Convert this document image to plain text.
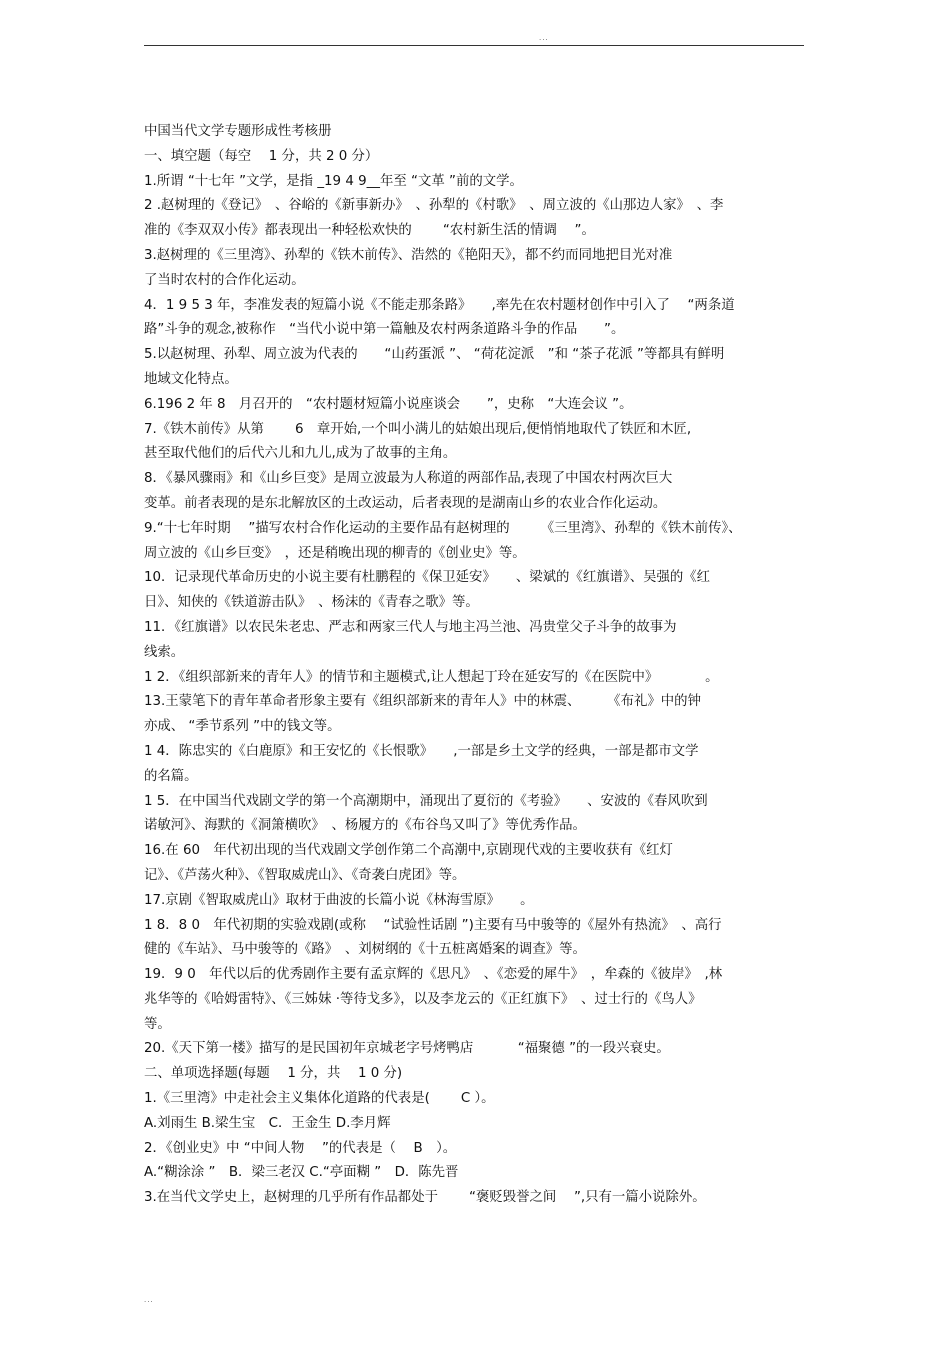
...

中国当代文学专题形成性考核册

一、填空题（每空　 1 分，共 2 0 分）

1.所谓 “十七年 ”文学，是指 _19 4 9__年至 “文革 ”前的文学。

2 .赵树理的《登记》　、谷峪的《新事新办》　、孙犁的《村歌》　、周立波的《山那边人家》　、李

准的《李双双小传》都表现出一种轻松欢快的　　 “农村新生活的情调　 ”。

3.赵树理的《三里湾》、孙犁的《铁木前传》、浩然的《艳阳天》，都不约而同地把目光对准

了当时农村的合作化运动。

4．1 9 5 3 年，李准发表的短篇小说《不能走那条路》　　,率先在农村题材创作中引入了　 “两条道

路”斗争的观念,被称作　“当代小说中第一篇触及农村两条道路斗争的作品　　”。

5.以赵树理、孙犁、周立波为代表的　　“山药蛋派 ”、 “荷花淀派　”和 “茶子花派 ”等都具有鲜明

地域文化特点。

6.196 2 年 8　月召开的　“农村题材短篇小说座谈会　　”，史称　“大连会议 ”。

7.《铁木前传》从第　　 6　章开始,一个叫小满儿的姑娘出现后,便悄悄地取代了铁匠和木匠,

甚至取代他们的后代六儿和九儿,成为了故事的主角。

8．《暴风骤雨》和《山乡巨变》是周立波最为人称道的两部作品,表现了中国农村两次巨大

变革。前者表现的是东北解放区的土改运动，后者表现的是湖南山乡的农业合作化运动。

9.“十七年时期　 ”描写农村合作化运动的主要作品有赵树理的　　 《三里湾》、孙犁的《铁木前传》、

周立波的《山乡巨变》　，还是稍晚出现的柳青的《创业史》等。

10．记录现代革命历史的小说主要有杜鹏程的《保卫延安》　　、梁斌的《红旗谱》、吴强的《红

日》、知侠的《铁道游击队》　、杨沫的《青春之歌》等。

11．《红旗谱》以农民朱老忠、严志和两家三代人与地主冯兰池、冯贵堂父子斗争的故事为

线索。

1 2．《组织部新来的青年人》的情节和主题模式,让人想起丁玲在延安写的《在医院中》　　　　。

13.王蒙笔下的青年革命者形象主要有《组织部新来的青年人》中的林震、　　　《布礼》中的钟

亦成、 “季节系列 ”中的钱文等。

1 4．陈忠实的《白鹿原》和王安忆的《长恨歌》　　,一部是乡土文学的经典，一部是都市文学

的名篇。

1 5．在中国当代戏剧文学的第一个高潮期中，涌现出了夏衍的《考验》　　、安波的《春风吹到

诺敏河》、海默的《洞箫横吹》　、杨履方的《布谷鸟又叫了》等优秀作品。

16.在 60　年代初出现的当代戏剧文学创作第二个高潮中,京剧现代戏的主要收获有《红灯

记》、《芦荡火种》、《智取威虎山》、《奇袭白虎团》等。

17.京剧《智取威虎山》取材于曲波的长篇小说《林海雪原》　　。

1 8．8 0　年代初期的实验戏剧(或称　 “试验性话剧 ”)主要有马中骏等的《屋外有热流》　、高行

健的《车站》、马中骏等的《路》　、刘树纲的《十五桩离婚案的调查》等。

19．9 0　年代以后的优秀剧作主要有孟京辉的《思凡》　、《恋爱的犀牛》　，牟森的《彼岸》　,林

兆华等的《哈姆雷特》、《三姊妹 ·等待戈多》，以及李龙云的《正红旗下》　、过士行的《鸟人》

等。

20.《天下第一楼》描写的是民国初年京城老字号烤鸭店　　　 “福聚德 ”的一段兴衰史。

二、单项选择题(每题　 1 分，共　 1 0 分)

1.《三里湾》中走社会主义集体化道路的代表是(　　 C ）。

A.刘雨生 B.梁生宝　C．王金生 D.李月辉

2．《创业史》中 “中间人物　 ”的代表是（　 B　）。

A.“糊涂涂 ”　B．梁三老汉 C.“亭面糊 ”　D．陈先晋

3.在当代文学史上，赵树理的几乎所有作品都处于　　 “褒贬毁誉之间　 ”,只有一篇小说除外。

...
